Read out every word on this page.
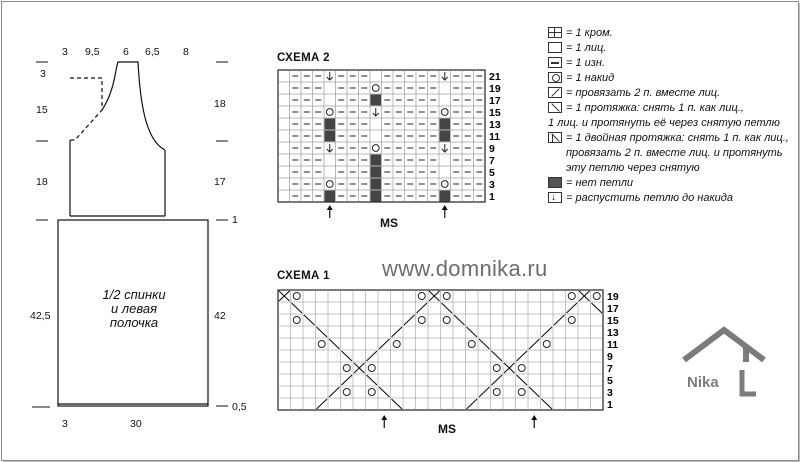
3 9,5 6 6,5 8
3
15
18
42,5
18
17
1
42
0,5
3	30
1/2 спинки
и левая
полочка
СХЕМА 2
21
19
17
15
13
11
9
7
5
3
1
MS
СХЕМА 1
19
17
15
13
11
9
7
5
3
1
MS
www.domnika.ru
= 1 кром.
= 1 лиц.
= 1 изн.
= 1 накид
= провязать 2 п. вместе лиц.
= 1 протяжка: снять 1 п. как лиц.,
1 лиц. и протянуть её через снятую петлю
= 1 двойная протяжка: снять 1 п. как лиц., провязать 2 п. вместе лиц. и протянуть эту петлю через снятую
= нет петли
↓
= распустить петлю до накида
Nika
